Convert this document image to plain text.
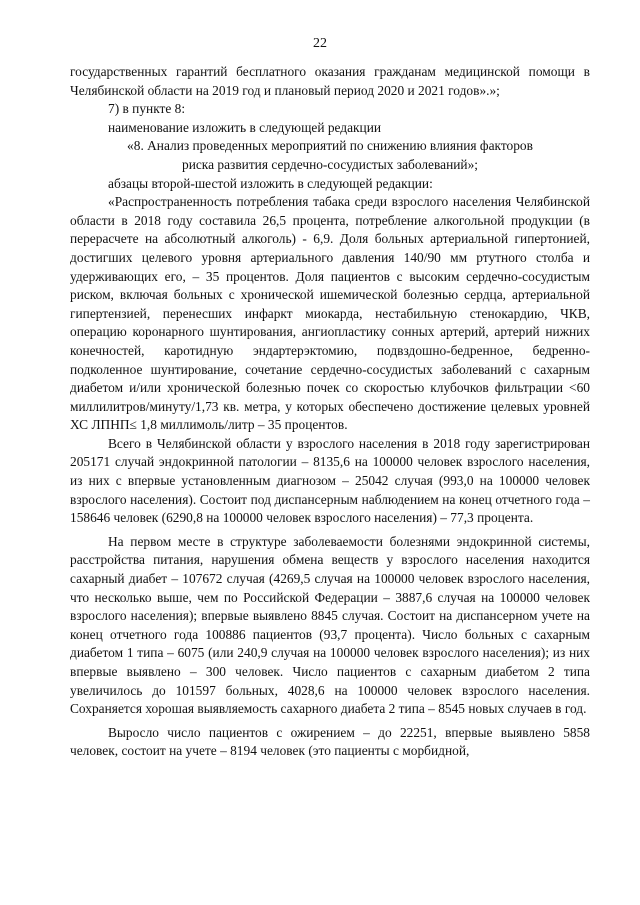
22

государственных гарантий бесплатного оказания гражданам медицинской помощи в Челябинской области на 2019 год и плановый период 2020 и 2021 годов».»;

7) в пункте 8:

наименование изложить в следующей редакции

«8. Анализ проведенных мероприятий по снижению влияния факторов

риска развития сердечно-сосудистых заболеваний»;

абзацы второй-шестой изложить в следующей редакции:

«Распространенность потребления табака среди взрослого населения Челябинской области в 2018 году составила 26,5 процента, потребление алкогольной продукции (в перерасчете на абсолютный алкоголь) - 6,9. Доля больных артериальной гипертонией, достигших целевого уровня артериального давления 140/90 мм ртутного столба и удерживающих его, – 35 процентов. Доля пациентов с высоким сердечно-сосудистым риском, включая больных с хронической ишемической болезнью сердца, артериальной гипертензией, перенесших инфаркт миокарда, нестабильную стенокардию, ЧКВ, операцию коронарного шунтирования, ангиопластику сонных артерий, артерий нижних конечностей, каротидную эндартерэктомию, подвздошно-бедренное, бедренно-подколенное шунтирование, сочетание сердечно-сосудистых заболеваний с сахарным диабетом и/или хронической болезнью почек со скоростью клубочков фильтрации <60 миллилитров/минуту/1,73 кв. метра, у которых обеспечено достижение целевых уровней ХС ЛПНП≤ 1,8 миллимоль/литр – 35 процентов.

Всего в Челябинской области у взрослого населения в 2018 году зарегистрирован 205171 случай эндокринной патологии – 8135,6 на 100000 человек взрослого населения, из них с впервые установленным диагнозом – 25042 случая (993,0 на 100000 человек взрослого населения). Состоит под диспансерным наблюдением на конец отчетного года – 158646 человек (6290,8 на 100000 человек взрослого населения) – 77,3 процента.

На первом месте в структуре заболеваемости болезнями эндокринной системы, расстройства питания, нарушения обмена веществ у взрослого населения находится сахарный диабет – 107672 случая (4269,5 случая на 100000 человек взрослого населения, что несколько выше, чем по Российской Федерации – 3887,6 случая на 100000 человек взрослого населения); впервые выявлено 8845 случая. Состоит на диспансерном учете на конец отчетного года 100886 пациентов (93,7 процента). Число больных с сахарным диабетом 1 типа – 6075 (или 240,9 случая на 100000 человек взрослого населения); из них впервые выявлено – 300 человек. Число пациентов с сахарным диабетом 2 типа увеличилось до 101597 больных, 4028,6 на 100000 человек взрослого населения. Сохраняется хорошая выявляемость сахарного диабета 2 типа – 8545 новых случаев в год.

Выросло число пациентов с ожирением – до 22251, впервые выявлено 5858 человек, состоит на учете – 8194 человек (это пациенты с морбидной,
